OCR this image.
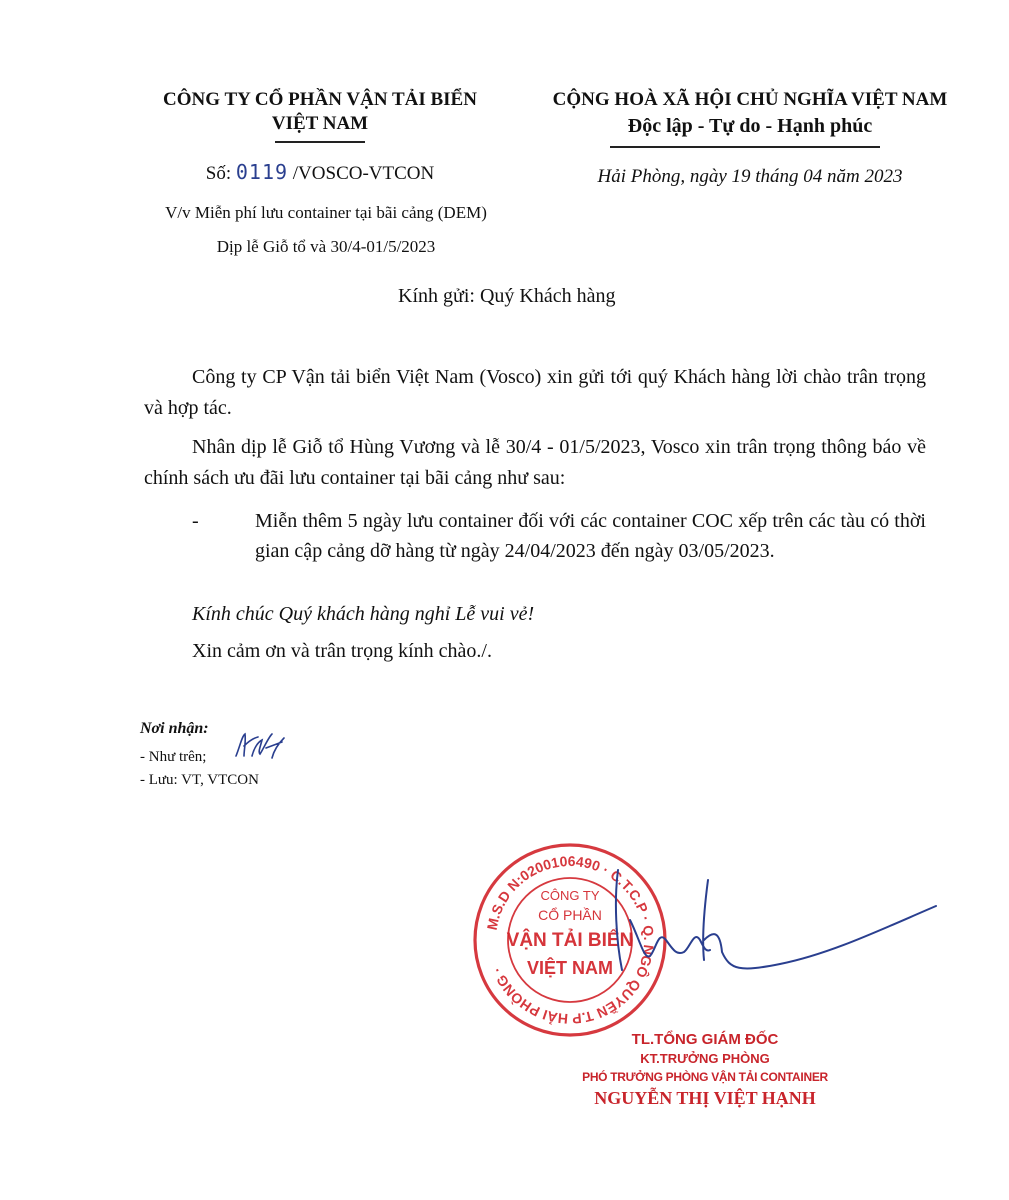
CÔNG TY CỔ PHẦN VẬN TẢI BIỂN
VIỆT NAM
CỘNG HOÀ XÃ HỘI CHỦ NGHĨA VIỆT NAM
Độc lập - Tự do - Hạnh phúc
Số: 0119 /VOSCO-VTCON	Hải Phòng, ngày 19 tháng 04 năm 2023
V/v Miễn phí lưu container tại bãi cảng (DEM)
Dịp lễ Giỗ tổ và 30/4-01/5/2023
Kính gửi: Quý Khách hàng
Công ty CP Vận tải biển Việt Nam (Vosco) xin gửi tới quý Khách hàng lời chào trân trọng và hợp tác.
Nhân dịp lễ Giỗ tổ Hùng Vương và lễ 30/4 - 01/5/2023, Vosco xin trân trọng thông báo về chính sách ưu đãi lưu container tại bãi cảng như sau:
-	Miễn thêm 5 ngày lưu container đối với các container COC xếp trên các tàu có thời gian cập cảng dỡ hàng từ ngày 24/04/2023 đến ngày 03/05/2023.
Kính chúc Quý khách hàng nghỉ Lễ vui vẻ!
Xin cảm ơn và trân trọng kính chào./.
Nơi nhận:
- Như trên;
- Lưu: VT, VTCON
M.S.D N:0200106490 · C.T.C.P · Q. NGÔ QUYỀN T.P HẢI PHÒNG ·
CÔNG TY
CỔ PHẦN
VẬN TẢI BIỂN
VIỆT NAM
TL.TỔNG GIÁM ĐỐC
KT.TRƯỞNG PHÒNG
PHÓ TRƯỞNG PHÒNG VẬN TẢI CONTAINER
NGUYỄN THỊ VIỆT HẠNH
